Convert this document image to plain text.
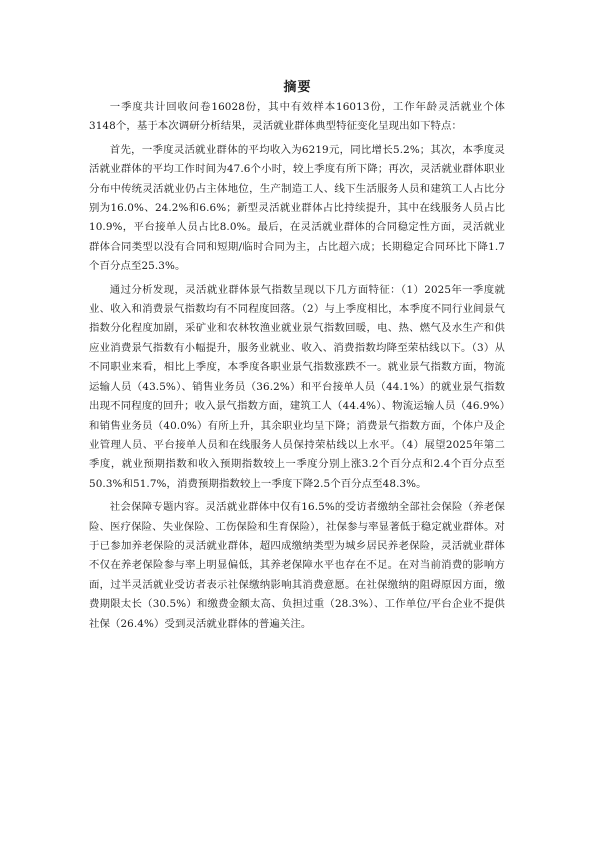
摘要

一季度共计回收问卷16028份，其中有效样本16013份，工作年龄灵活就业个体3148个，基于本次调研分析结果，灵活就业群体典型特征变化呈现出如下特点：

首先，一季度灵活就业群体的平均收入为6219元，同比增长5.2%；其次，本季度灵活就业群体的平均工作时间为47.6个小时，较上季度有所下降；再次，灵活就业群体职业分布中传统灵活就业仍占主体地位，生产制造工人、线下生活服务人员和建筑工人占比分别为16.0%、24.2%和6.6%；新型灵活就业群体占比持续提升，其中在线服务人员占比10.9%，平台接单人员占比8.0%。最后，在灵活就业群体的合同稳定性方面，灵活就业群体合同类型以没有合同和短期/临时合同为主，占比超六成；长期稳定合同环比下降1.7个百分点至25.3%。

通过分析发现，灵活就业群体景气指数呈现以下几方面特征：（1）2025年一季度就业、收入和消费景气指数均有不同程度回落。（2）与上季度相比，本季度不同行业间景气指数分化程度加剧，采矿业和农林牧渔业就业景气指数回暖，电、热、燃气及水生产和供应业消费景气指数有小幅提升，服务业就业、收入、消费指数均降至荣枯线以下。（3）从不同职业来看，相比上季度，本季度各职业景气指数涨跌不一。就业景气指数方面，物流运输人员（43.5%）、销售业务员（36.2%）和平台接单人员（44.1%）的就业景气指数出现不同程度的回升；收入景气指数方面，建筑工人（44.4%）、物流运输人员（46.9%）和销售业务员（40.0%）有所上升，其余职业均呈下降；消费景气指数方面，个体户及企业管理人员、平台接单人员和在线服务人员保持荣枯线以上水平。（4）展望2025年第二季度，就业预期指数和收入预期指数较上一季度分别上涨3.2个百分点和2.4个百分点至50.3%和51.7%，消费预期指数较上一季度下降2.5个百分点至48.3%。

社会保障专题内容。灵活就业群体中仅有16.5%的受访者缴纳全部社会保险（养老保险、医疗保险、失业保险、工伤保险和生育保险），社保参与率显著低于稳定就业群体。对于已参加养老保险的灵活就业群体，超四成缴纳类型为城乡居民养老保险，灵活就业群体不仅在养老保险参与率上明显偏低，其养老保障水平也存在不足。在对当前消费的影响方面，过半灵活就业受访者表示社保缴纳影响其消费意愿。在社保缴纳的阻碍原因方面，缴费期限太长（30.5%）和缴费金额太高、负担过重（28.3%）、工作单位/平台企业不提供社保（26.4%）受到灵活就业群体的普遍关注。
